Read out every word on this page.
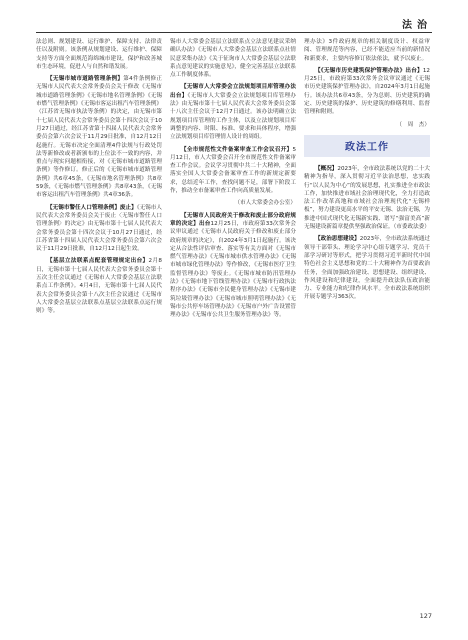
法治

法总则、规划建设、运行维护、保障支持、法律责任以及附则。该条例从规划建设、运行维护、保障支持等方面全面规范海绵城市建设，保护和改善城市生态环境，促进人与自然和谐发展。

【无锡市城市道路管理条例】第4件条例修正　无锡市人民代表大会常务委员会关于修改《无锡市城市道路管理条例》《无锡市地名管理条例》《无锡市燃气管理条例》《无锡市客运出租汽车管理条例》（江苏省无锡市执法等条例）的决定，由无锡市第十七届人民代表大会常务委员会第十四次会议于10月27日通过，经江苏省第十四届人民代表大会常务委员会第六次会议于11月29日批准，自12月12日起施行。无锡市决定全面清理4件法规与行政处罚法等新修改或者新颁布的上位法不一致的内容，并重点与现实问题相衔接，对《无锡市城市道路管理条例》等作修订。修正后的《无锡市城市道路管理条例》共6章45条，《无锡市地名管理条例》共8章59条，《无锡市燃气管理条例》共8章43条，《无锡市客运出租汽车管理条例》共4章36条。

【无锡市警任人口管理条例】废止】《无锡市人民代表大会常务委员会关于废止〈无锡市警任人口管理条例〉的决定》由无锡市第十七届人民代表大会常务委员会第十四次会议于10月27日通过，经江苏省第十四届人民代表大会常务委员会第六次会议于11月29日批准，自12月12日起生效。

【基层立法联系点配套管理规定出台】2月8日，无锡市第十七届人民代表大会常务委员会第十五次主任会议通过《无锡市人大常委会基层立法联系点工作条例》。4月4日，无锡市第十七届人民代表大会常务委员会第十八次主任会议通过《无锡市人大常委会基层立法联系点基层立法联系点运行规则》等。

锡市人大常委会基层立法联系点立法意见建议采纳确认办法》《无锡市人大常委会基层立法联系点社情民意采集办法》《关于征询市人大常委会基层立法联系点意见建议的实施意见》，健全完善基层立法联系点工作制度体系。

【无锡市人大常委会立法规划项目库管理办法出台】《无锡市人大常委会立法规划项目库管理办法》由无锡市第十七届人民代表大会常务委员会第十八次主任会议于12月7日通过。该办法明确立法规划项目库管理的工作主体，以及立法规划项目库调整的内容、时限、标准、要求和具体程序，增强立法规划项目库管理情人设计的周组。

【全市规范性文件备案审查工作会议召开】5月12日，市人大常委会召开全市规范性文件备案审查工作会议。会议学习贯彻中共二十大精神，全面落实全国人大常委会备案审查工作的新规定新要求，总结近年工作，查找问题不足，部署下阶段工作，推动全市备案审查工作向高质量发展。

（市人大常委会办公室）

【无锡市人民政府关于修改和废止部分政府规章的决定】出台12月25日，市政府第33次常务会议审议通过《无锡市人民政府关于修改和废止部分政府规章的决定》，自2024年3月1日起施行。该决定从合法性评估审查、落实等有关方面对《无锡市燃气管理办法》《无锡市城市供水管理办法》《无锡市城市绿化管理办法》等作修改，《无锡市医疗卫生监督管理办法》等废止。《无锡市城市防汛管理办法》《无锡市地下管线管理办法》《无锡市行政执法程序办法》《无锡市全民健身管理办法》《无锡市建筑垃圾管理办法》《无锡市城市照明管理办法》《无锡市公共停车场管理办法》《无锡市户外广告设置管理办法》《无锡市公共卫生服务管理办法》等。

理办法》3件政府规章的相关制度设计、权益审阅、管理规范等内容，已经不能适应当前的新情况和新要求，主要内容修订依法依法，就予以废止。

【《无锡市历史建筑保护管理办法》出台】12月25日，市政府第33次常务会议审议通过《无锡市历史建筑保护管理办法》，自2024年3月1日起施行。该办法共6章43条，分为总则、历史建筑的确定、历史建筑的保护、历史建筑的修缮利用、监督管理和附则。

（　周　杰）

政法工作

【概况】2023年，全市政法系统以党的二十大精神为指导，深入贯彻习近平法治思想，忠实践行“以人民为中心”的发展思想，扎实推进全市政法工作，加快推进市域社会治理现代化，全力打造政法工作改革高地和市域社会治理现代化“无锡样板”，努力建设更高水平的平安无锡、法治无锡，为推进中国式现代化无锡新实践、谱写“强富美高”新无锡建设新篇章提供坚强政治保证。（市委政法委）

【政治思想建设】2023年，全市政法系统通过领导干部带头、理论学习中心组专题学习、党员干部学习研讨等形式，把学习贯彻习近平新时代中国特色社会主义思想和党的二十大精神作为首要政治任务，全面加强政治建设、思想建设、组织建设、作风建设和纪律建设，全面提升政法队伍政治能力、专业能力和纪律作风水平。全市政法系统组织开展专题学习363次。

127
